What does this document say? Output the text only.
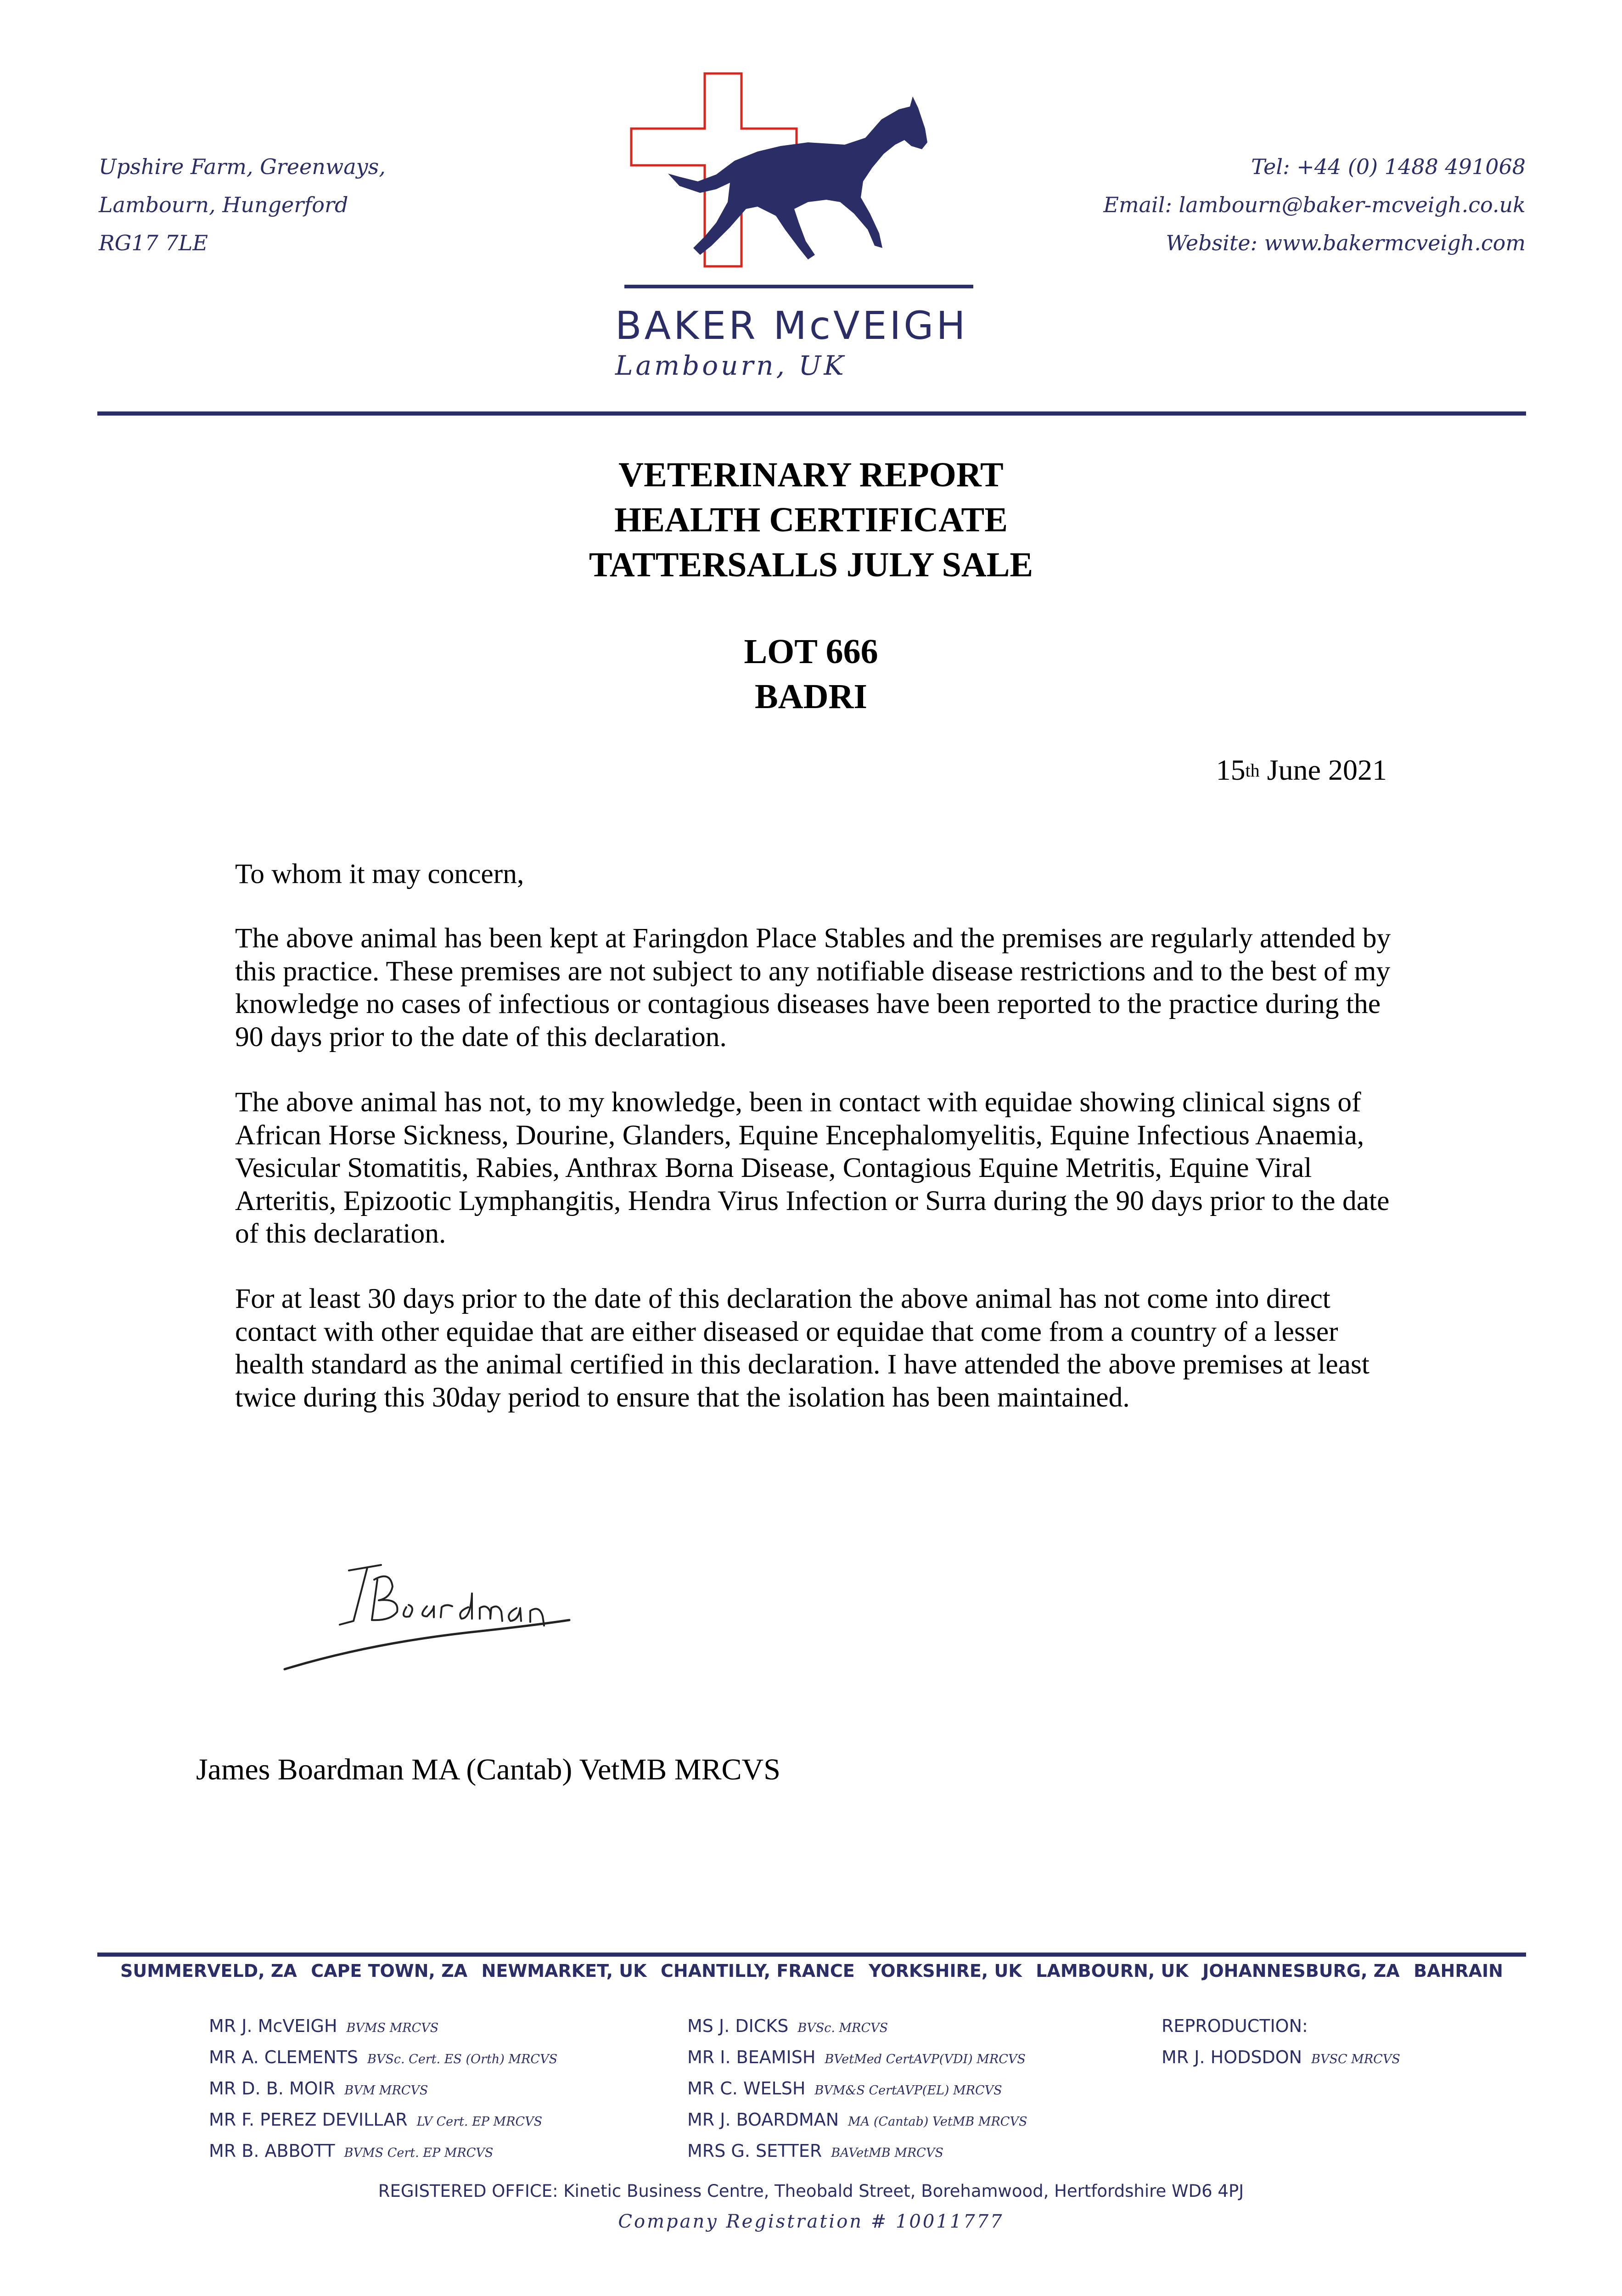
Upshire Farm, Greenways,
Lambourn, Hungerford
RG17 7LE
Tel: +44 (0) 1488 491068
Email: lambourn@baker-mcveigh.co.uk
Website: www.bakermcveigh.com
BAKER McVEIGH
Lambourn, UK
VETERINARY REPORT
HEALTH CERTIFICATE
TATTERSALLS JULY SALE
LOT 666
BADRI
15th June 2021
To whom it may concern,
The above animal has been kept at Faringdon Place Stables and the premises are regularly attended by this practice. These premises are not subject to any notifiable disease restrictions and to the best of my knowledge no cases of infectious or contagious diseases have been reported to the practice during the 90 days prior to the date of this declaration.
The above animal has not, to my knowledge, been in contact with equidae showing clinical signs of African Horse Sickness, Dourine, Glanders, Equine Encephalomyelitis, Equine Infectious Anaemia, Vesicular Stomatitis, Rabies, Anthrax Borna Disease, Contagious Equine Metritis, Equine Viral Arteritis, Epizootic Lymphangitis, Hendra Virus Infection or Surra during the 90 days prior to the date of this declaration.
For at least 30 days prior to the date of this declaration the above animal has not come into direct contact with other equidae that are either diseased or equidae that come from a country of a lesser health standard as the animal certified in this declaration. I have attended the above premises at least twice during this 30day period to ensure that the isolation has been maintained.
James Boardman MA (Cantab) VetMB MRCVS
SUMMERVELD, ZA CAPE TOWN, ZA NEWMARKET, UK CHANTILLY, FRANCE YORKSHIRE, UK LAMBOURN, UK JOHANNESBURG, ZA BAHRAIN
MR J. McVEIGH BVMS MRCVS
MR A. CLEMENTS BVSc. Cert. ES (Orth) MRCVS
MR D. B. MOIR BVM MRCVS
MR F. PEREZ DEVILLAR LV Cert. EP MRCVS
MR B. ABBOTT BVMS Cert. EP MRCVS
MS J. DICKS BVSc. MRCVS
MR I. BEAMISH BVetMed CertAVP(VDI) MRCVS
MR C. WELSH BVM&S CertAVP(EL) MRCVS
MR J. BOARDMAN MA (Cantab) VetMB MRCVS
MRS G. SETTER BAVetMB MRCVS
REPRODUCTION:
MR J. HODSDON BVSC MRCVS
REGISTERED OFFICE: Kinetic Business Centre, Theobald Street, Borehamwood, Hertfordshire WD6 4PJ
Company Registration # 10011777
